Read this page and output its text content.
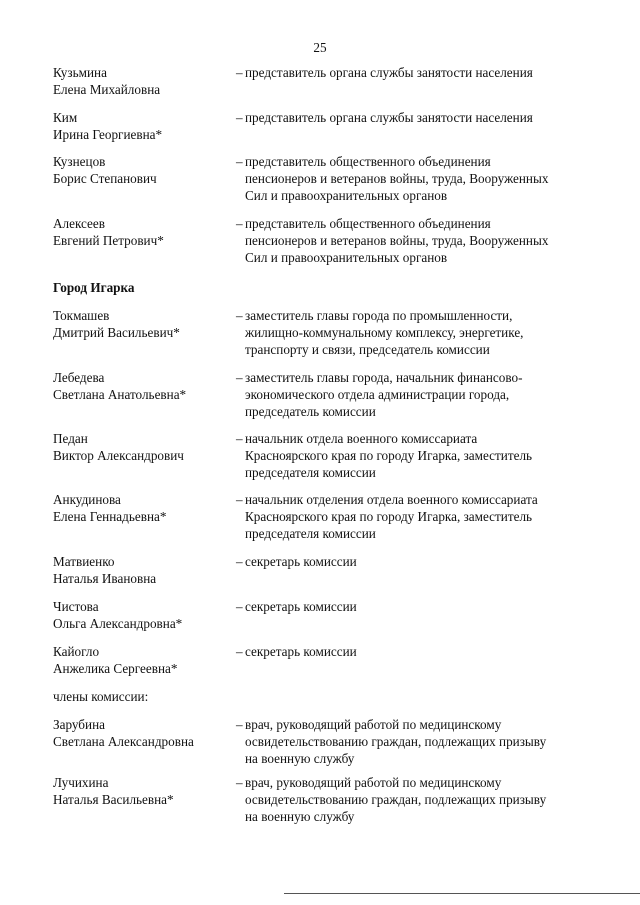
25
Кузьмина
Елена Михайловна
– представитель органа службы занятости населения
Ким
Ирина Георгиевна*
– представитель органа службы занятости населения
Кузнецов
Борис Степанович
– представитель общественного объединения
пенсионеров и ветеранов войны, труда, Вооруженных
Сил и правоохранительных органов
Алексеев
Евгений Петрович*
– представитель общественного объединения
пенсионеров и ветеранов войны, труда, Вооруженных
Сил и правоохранительных органов
Город Игарка
Токмашев
Дмитрий Васильевич*
– заместитель главы города по промышленности,
жилищно-коммунальному комплексу, энергетике,
транспорту и связи, председатель комиссии
Лебедева
Светлана Анатольевна*
– заместитель главы города, начальник финансово-
экономического отдела администрации города,
председатель комиссии
Педан
Виктор Александрович
– начальник отдела военного комиссариата
Красноярского края по городу Игарка, заместитель
председателя комиссии
Анкудинова
Елена Геннадьевна*
– начальник отделения отдела военного комиссариата
Красноярского края по городу Игарка, заместитель
председателя комиссии
Матвиенко
Наталья Ивановна
– секретарь комиссии
Чистова
Ольга Александровна*
– секретарь комиссии
Кайогло
Анжелика Сергеевна*
– секретарь комиссии
члены комиссии:
Зарубина
Светлана Александровна
– врач, руководящий работой по медицинскому
освидетельствованию граждан, подлежащих призыву
на военную службу
Лучихина
Наталья Васильевна*
– врач, руководящий работой по медицинскому
освидетельствованию граждан, подлежащих призыву
на военную службу
